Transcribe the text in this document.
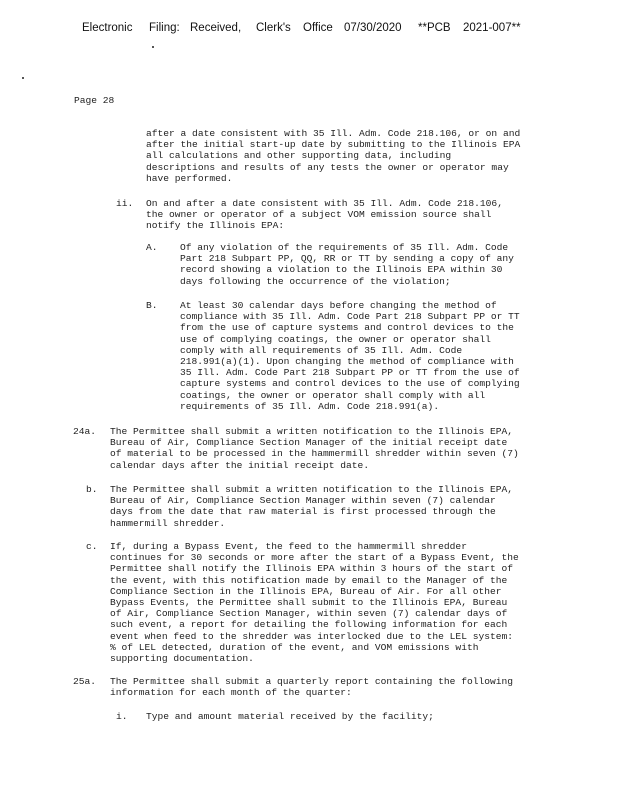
Electronic Filing: Received, Clerk's Office 07/30/2020 **PCB 2021-007**
Page 28
after a date consistent with 35 Ill. Adm. Code 218.106, or on and
after the initial start-up date by submitting to the Illinois EPA
all calculations and other supporting data, including
descriptions and results of any tests the owner or operator may
have performed.
ii. On and after a date consistent with 35 Ill. Adm. Code 218.106,
the owner or operator of a subject VOM emission source shall
notify the Illinois EPA:
A. Of any violation of the requirements of 35 Ill. Adm. Code
Part 218 Subpart PP, QQ, RR or TT by sending a copy of any
record showing a violation to the Illinois EPA within 30
days following the occurrence of the violation;
B. At least 30 calendar days before changing the method of
compliance with 35 Ill. Adm. Code Part 218 Subpart PP or TT
from the use of capture systems and control devices to the
use of complying coatings, the owner or operator shall
comply with all requirements of 35 Ill. Adm. Code
218.991(a)(1). Upon changing the method of compliance with
35 Ill. Adm. Code Part 218 Subpart PP or TT from the use of
capture systems and control devices to the use of complying
coatings, the owner or operator shall comply with all
requirements of 35 Ill. Adm. Code 218.991(a).
24a. The Permittee shall submit a written notification to the Illinois EPA,
Bureau of Air, Compliance Section Manager of the initial receipt date
of material to be processed in the hammermill shredder within seven (7)
calendar days after the initial receipt date.
b. The Permittee shall submit a written notification to the Illinois EPA,
Bureau of Air, Compliance Section Manager within seven (7) calendar
days from the date that raw material is first processed through the
hammermill shredder.
c. If, during a Bypass Event, the feed to the hammermill shredder
continues for 30 seconds or more after the start of a Bypass Event, the
Permittee shall notify the Illinois EPA within 3 hours of the start of
the event, with this notification made by email to the Manager of the
Compliance Section in the Illinois EPA, Bureau of Air. For all other
Bypass Events, the Permittee shall submit to the Illinois EPA, Bureau
of Air, Compliance Section Manager, within seven (7) calendar days of
such event, a report for detailing the following information for each
event when feed to the shredder was interlocked due to the LEL system:
% of LEL detected, duration of the event, and VOM emissions with
supporting documentation.
25a. The Permittee shall submit a quarterly report containing the following
information for each month of the quarter:
i. Type and amount material received by the facility;
